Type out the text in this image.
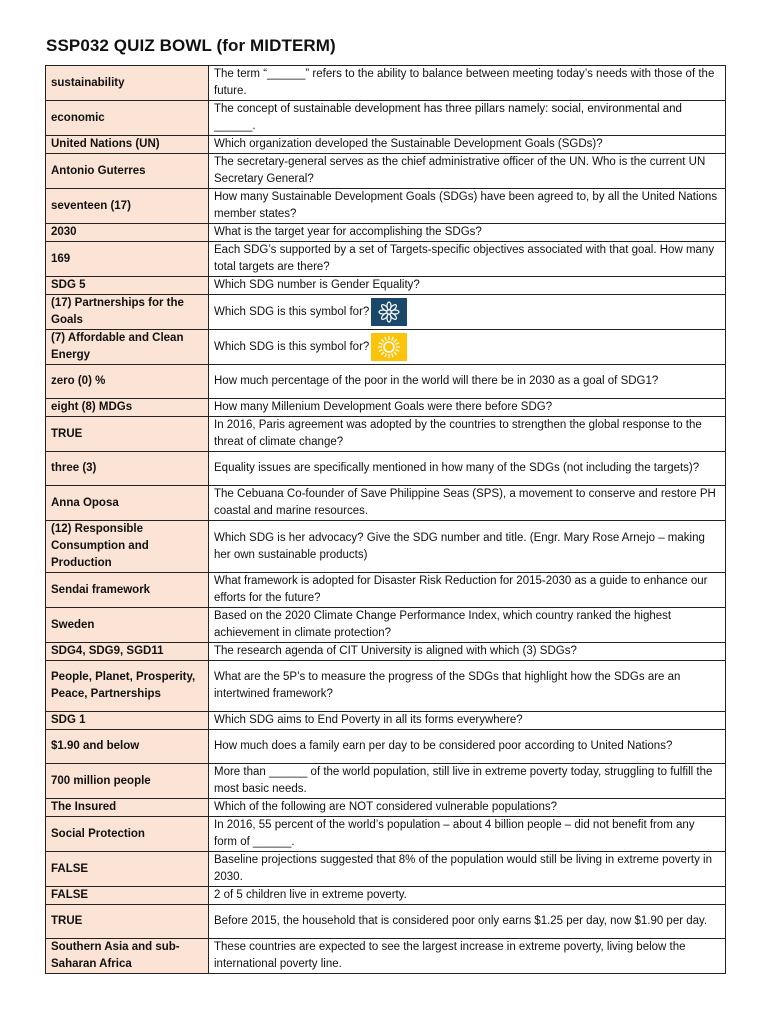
SSP032 QUIZ BOWL (for MIDTERM)
sustainability	The term “______” refers to the ability to balance between meeting today’s needs with those of the future.
economic	The concept of sustainable development has three pillars namely: social, environmental and ______.
United Nations (UN)	Which organization developed the Sustainable Development Goals (SGDs)?
Antonio Guterres	The secretary-general serves as the chief administrative officer of the UN. Who is the current UN Secretary General?
seventeen (17)	How many Sustainable Development Goals (SDGs) have been agreed to, by all the United Nations member states?
2030	What is the target year for accomplishing the SDGs?
169	Each SDG’s supported by a set of Targets-specific objectives associated with that goal. How many total targets are there?
SDG 5	Which SDG number is Gender Equality?
(17) Partnerships for the Goals	Which SDG is this symbol for?
(7) Affordable and Clean Energy	Which SDG is this symbol for?
zero (0) %	How much percentage of the poor in the world will there be in 2030 as a goal of SDG1?
eight (8) MDGs	How many Millenium Development Goals were there before SDG?
TRUE	In 2016, Paris agreement was adopted by the countries to strengthen the global response to the threat of climate change?
three (3)	Equality issues are specifically mentioned in how many of the SDGs (not including the targets)?
Anna Oposa	The Cebuana Co-founder of Save Philippine Seas (SPS), a movement to conserve and restore PH coastal and marine resources.
(12) Responsible Consumption and Production	Which SDG is her advocacy? Give the SDG number and title. (Engr. Mary Rose Arnejo – making her own sustainable products)
Sendai framework	What framework is adopted for Disaster Risk Reduction for 2015-2030 as a guide to enhance our efforts for the future?
Sweden	Based on the 2020 Climate Change Performance Index, which country ranked the highest achievement in climate protection?
SDG4, SDG9, SGD11	The research agenda of CIT University is aligned with which (3) SDGs?
People, Planet, Prosperity, Peace, Partnerships	What are the 5P’s to measure the progress of the SDGs that highlight how the SDGs are an intertwined framework?
SDG 1	Which SDG aims to End Poverty in all its forms everywhere?
$1.90 and below	How much does a family earn per day to be considered poor according to United Nations?
700 million people	More than ______ of the world population, still live in extreme poverty today, struggling to fulfill the most basic needs.
The Insured	Which of the following are NOT considered vulnerable populations?
Social Protection	In 2016, 55 percent of the world’s population – about 4 billion people – did not benefit from any form of ______.
FALSE	Baseline projections suggested that 8% of the population would still be living in extreme poverty in 2030.
FALSE	2 of 5 children live in extreme poverty.
TRUE	Before 2015, the household that is considered poor only earns $1.25 per day, now $1.90 per day.
Southern Asia and sub-Saharan Africa	These countries are expected to see the largest increase in extreme poverty, living below the international poverty line.
